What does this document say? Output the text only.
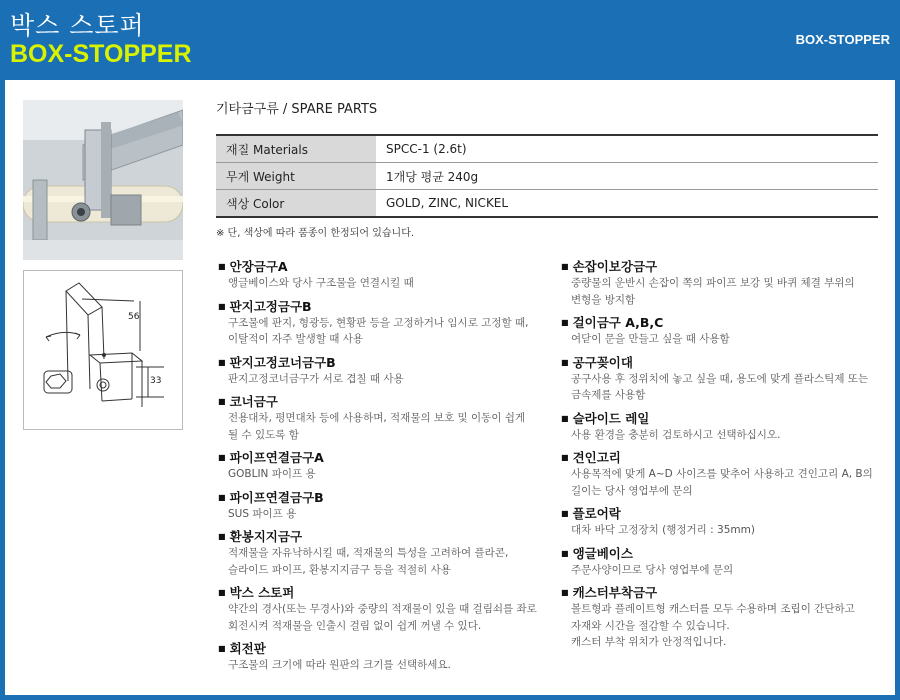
박스 스토퍼
BOX-STOPPER
BOX-STOPPER
56
33
기타금구류 / SPARE PARTS
재질 Materials	SPCC-1 (2.6t)
무게 Weight	1개당 평균 240g
색상 Color	GOLD, ZINC, NICKEL
※ 단, 색상에 따라 품종이 한정되어 있습니다.
■ 안장금구A
앵글베이스와 당사 구조물을 연결시킬 때
■ 판지고정금구B
구조물에 판지, 형광등, 현황판 등을 고정하거나 임시로 고정할 때,
이탈적이 자주 발생할 때 사용
■ 판지고정코너금구B
판지고정코너금구가 서로 겹칠 때 사용
■ 코너금구
전용대차, 평면대차 등에 사용하며, 적재물의 보호 및 이동이 쉽게
될 수 있도록 함
■ 파이프연결금구A
GOBLIN 파이프 용
■ 파이프연결금구B
SUS 파이프 용
■ 환봉지지금구
적재물을 자유낙하시킬 때, 적재물의 특성을 고려하여 플라콘,
슬라이드 파이프, 환봉지지금구 등을 적절히 사용
■ 박스 스토퍼
약간의 경사(또는 무경사)와 중량의 적재물이 있을 때 걸림쇠를 좌로
회전시켜 적재물을 인출시 걸림 없이 쉽게 꺼낼 수 있다.
■ 회전판
구조물의 크기에 따라 원판의 크기를 선택하세요.
■ 손잡이보강금구
중량물의 운반시 손잡이 쪽의 파이프 보강 및 바퀴 체결 부위의
변형을 방지함
■ 걸이금구 A,B,C
여닫이 문을 만들고 싶을 때 사용함
■ 공구꽂이대
공구사용 후 정위치에 놓고 싶을 때, 용도에 맞게 플라스틱제 또는
금속제를 사용함
■ 슬라이드 레일
사용 환경을 충분히 검토하시고 선택하십시오.
■ 견인고리
사용목적에 맞게 A~D 사이즈를 맞추어 사용하고 견인고리 A, B의
길이는 당사 영업부에 문의
■ 플로어락
대차 바닥 고정장치 (행정거리 : 35mm)
■ 앵글베이스
주문사양이므로 당사 영업부에 문의
■ 캐스터부착금구
볼트형과 플레이트형 캐스터를 모두 수용하며 조립이 간단하고
자재와 시간을 절감할 수 있습니다.
캐스터 부착 위치가 안정적입니다.
